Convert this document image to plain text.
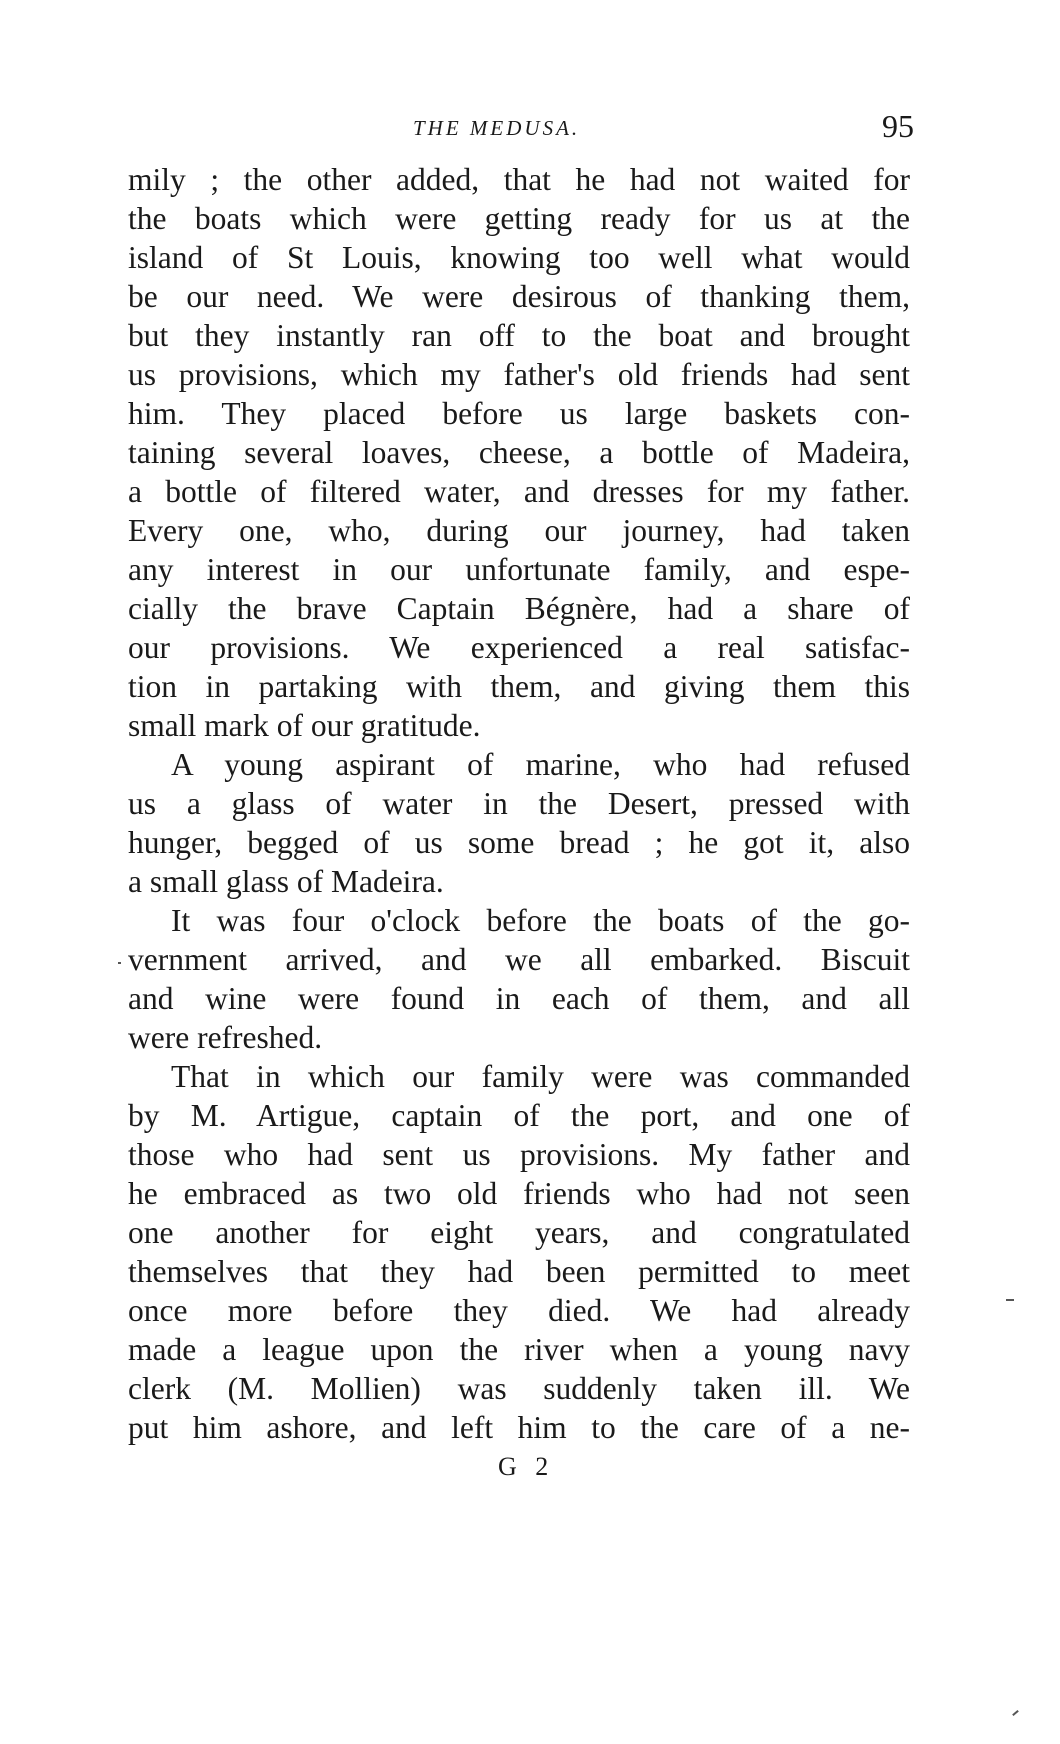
THE MEDUSA.	95
mily ; the other added, that he had not waited for
the boats which were getting ready for us at the
island of St Louis, knowing too well what would
be our need. We were desirous of thanking them,
but they instantly ran off to the boat and brought
us provisions, which my father's old friends had sent
him. They placed before us large baskets con-
taining several loaves, cheese, a bottle of Madeira,
a bottle of filtered water, and dresses for my father.
Every one, who, during our journey, had taken
any interest in our unfortunate family, and espe-
cially the brave Captain Bégnère, had a share of
our provisions. We experienced a real satisfac-
tion in partaking with them, and giving them this
small mark of our gratitude.
A young aspirant of marine, who had refused
us a glass of water in the Desert, pressed with
hunger, begged of us some bread ; he got it, also
a small glass of Madeira.
It was four o'clock before the boats of the go-
vernment arrived, and we all embarked. Biscuit
and wine were found in each of them, and all
were refreshed.
That in which our family were was commanded
by M. Artigue, captain of the port, and one of
those who had sent us provisions. My father and
he embraced as two old friends who had not seen
one another for eight years, and congratulated
themselves that they had been permitted to meet
once more before they died. We had already
made a league upon the river when a young navy
clerk (M. Mollien) was suddenly taken ill. We
put him ashore, and left him to the care of a ne-
G 2
